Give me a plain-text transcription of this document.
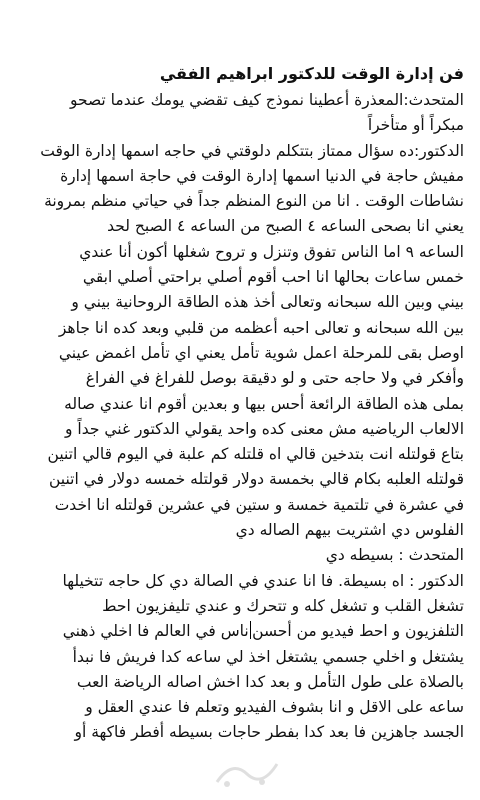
فن إدارة الوقت للدكتور ابراهيم الفقي
المتحدث:المعذرة أعطينا نموذج كيف تقضي يومك عندما تصحو
مبكراً أو متأخراً
الدكتور:ده سؤال ممتاز بتتكلم دلوقتي في حاجه اسمها إدارة الوقت
مفيش حاجة في الدنيا اسمها إدارة الوقت في حاجة اسمها إدارة
نشاطات الوقت . انا من النوع المنظم جداً في حياتي منظم بمرونة
يعني انا بصحى الساعه ٤ الصبح من الساعه ٤ الصبح لحد
الساعه ٩ اما الناس تفوق وتنزل و تروح شغلها أكون أنا عندي
خمس ساعات بحالها انا احب أقوم أصلي براحتي أصلي ابقي
بيني وبين الله سبحانه وتعالى أخذ هذه الطاقة الروحانية بيني و
بين الله سبحانه و تعالى احبه أعظمه من قلبي وبعد كده انا جاهز
اوصل بقى للمرحلة اعمل شوية تأمل يعني اي تأمل اغمض عيني
وأفكر في ولا حاجه حتى و لو دقيقة بوصل للفراغ في الفراغ
بملى هذه الطاقة الرائعة أحس بيها و بعدين أقوم انا عندي صاله
الالعاب الرياضيه مش معنى كده واحد يقولي الدكتور غني جداً و
بتاع قولتله انت بتدخين قالي اه قلتله كم علبة في اليوم قالي اتنين
قولتله العلبه بكام قالي بخمسة دولار قولتله خمسه دولار في اتنين
في عشرة في تلتمية خمسة و ستين في عشرين قولتله انا اخدت
الفلوس دي اشتريت بيهم الصاله دي
المتحدث : بسيطه دي
الدكتور : اه بسيطة. فا انا عندي في الصالة دي كل حاجه تتخيلها
تشغل القلب و تشغل كله و تتحرك و عندي تليفزيون احط
التلفزيون و احط فيديو من أحسنناس في العالم فا اخلي ذهني
يشتغل و اخلي جسمي يشتغل اخذ لي ساعه كدا فريش فا نبدأ
بالصلاة على طول التأمل و بعد كدا اخش اصاله الرياضة العب
ساعه على الاقل و انا بشوف الفيديو وتعلم فا عندي العقل و
الجسد جاهزين فا بعد كدا بفطر حاجات بسيطه أفطر فاكهة أو
